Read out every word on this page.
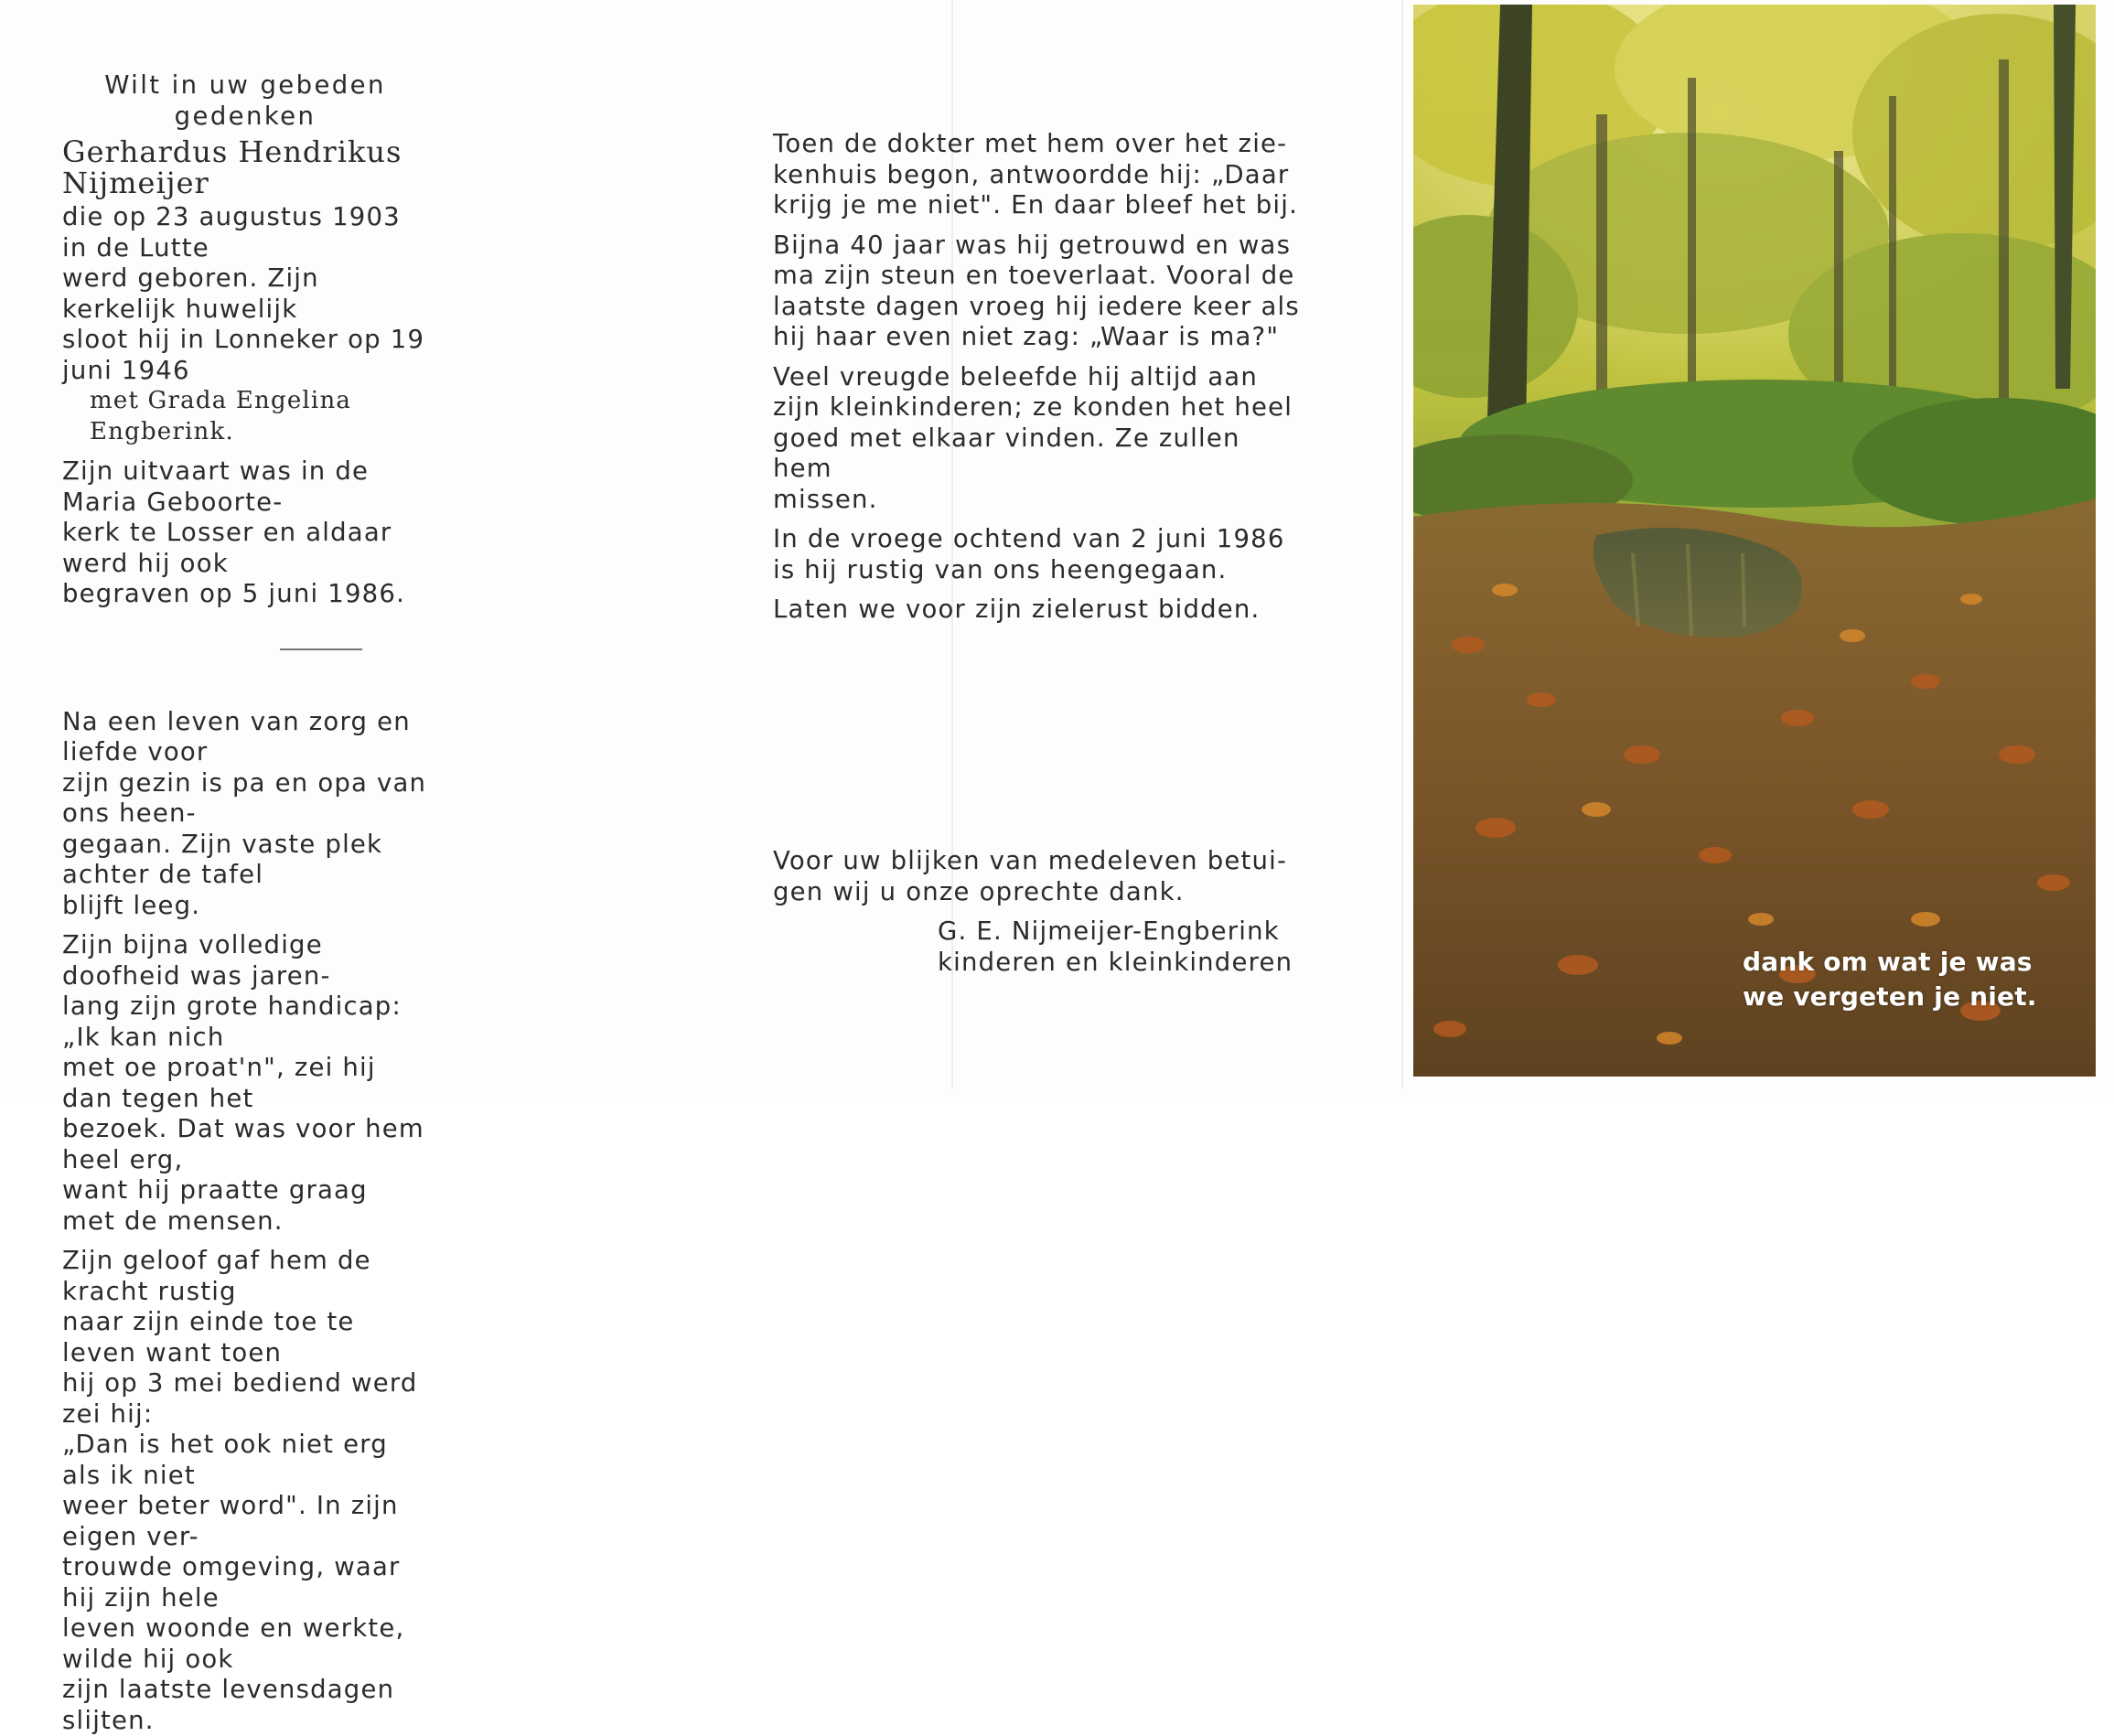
Wilt in uw gebeden gedenken

Gerhardus Hendrikus Nijmeijer

die op 23 augustus 1903 in de Lutte

werd geboren. Zijn kerkelijk huwelijk

sloot hij in Lonneker op 19 juni 1946

met Grada Engelina Engberink.

Zijn uitvaart was in de Maria Geboorte-

kerk te Losser en aldaar werd hij ook

begraven op 5 juni 1986.

Na een leven van zorg en liefde voor

zijn gezin is pa en opa van ons heen-

gegaan. Zijn vaste plek achter de tafel

blijft leeg.

Zijn bijna volledige doofheid was jaren-

lang zijn grote handicap: „Ik kan nich

met oe proat'n", zei hij dan tegen het

bezoek. Dat was voor hem heel erg,

want hij praatte graag met de mensen.

Zijn geloof gaf hem de kracht rustig

naar zijn einde toe te leven want toen

hij op 3 mei bediend werd zei hij:

„Dan is het ook niet erg als ik niet

weer beter word". In zijn eigen ver-

trouwde omgeving, waar hij zijn hele

leven woonde en werkte, wilde hij ook

zijn laatste levensdagen slijten.

Toen de dokter met hem over het zie-

kenhuis begon, antwoordde hij: „Daar

krijg je me niet". En daar bleef het bij.

Bijna 40 jaar was hij getrouwd en was

ma zijn steun en toeverlaat. Vooral de

laatste dagen vroeg hij iedere keer als

hij haar even niet zag: „Waar is ma?"

Veel vreugde beleefde hij altijd aan

zijn kleinkinderen; ze konden het heel

goed met elkaar vinden. Ze zullen hem

missen.

In de vroege ochtend van 2 juni 1986

is hij rustig van ons heengegaan.

Laten we voor zijn zielerust bidden.

Voor uw blijken van medeleven betui-

gen wij u onze oprechte dank.

G. E. Nijmeijer-Engberink

kinderen en kleinkinderen	dank om wat je was

we vergeten je niet.
